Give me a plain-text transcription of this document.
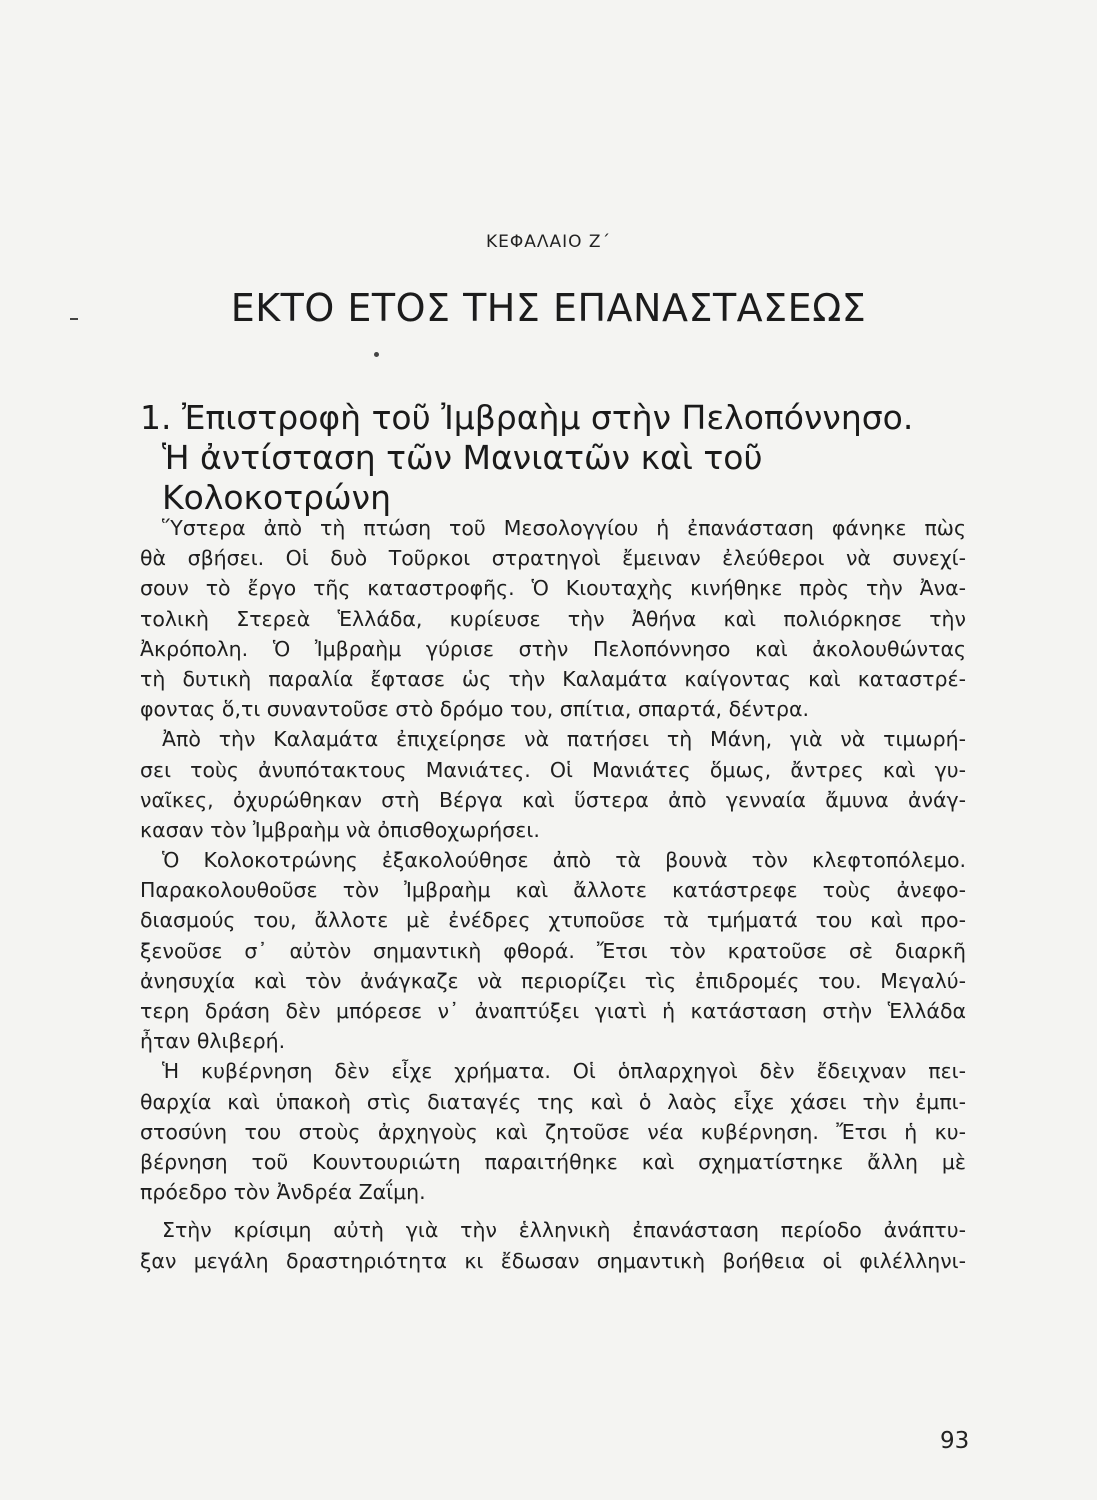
ΚΕΦΑΛΑΙΟ Ζ΄
ΕΚΤΟ ΕΤΟΣ ΤΗΣ ΕΠΑΝΑΣΤΑΣΕΩΣ
1. Ἐπιστροφὴ τοῦ Ἰμβραὴμ στὴν Πελοπόννησο.
Ἡ ἀντίσταση τῶν Μανιατῶν καὶ τοῦ Κολοκοτρώνη
Ὕστερα ἀπὸ τὴ πτώση τοῦ Μεσολογγίου ἡ ἐπανάσταση φάνηκε πὼς
θὰ σβήσει. Οἱ δυὸ Τοῦρκοι στρατηγοὶ ἔμειναν ἐλεύθεροι νὰ συνεχί-
σουν τὸ ἔργο τῆς καταστροφῆς. Ὁ Κιουταχὴς κινήθηκε πρὸς τὴν Ἀνα-
τολικὴ Στερεὰ Ἑλλάδα, κυρίευσε τὴν Ἀθήνα καὶ πολιόρκησε τὴν
Ἀκρόπολη. Ὁ Ἰμβραὴμ γύρισε στὴν Πελοπόννησο καὶ ἀκολουθώντας
τὴ δυτικὴ παραλία ἔφτασε ὡς τὴν Καλαμάτα καίγοντας καὶ καταστρέ-
φοντας ὅ,τι συναντοῦσε στὸ δρόμο του, σπίτια, σπαρτά, δέντρα.
Ἀπὸ τὴν Καλαμάτα ἐπιχείρησε νὰ πατήσει τὴ Μάνη, γιὰ νὰ τιμωρή-
σει τοὺς ἀνυπότακτους Μανιάτες. Οἱ Μανιάτες ὅμως, ἄντρες καὶ γυ-
ναῖκες, ὀχυρώθηκαν στὴ Βέργα καὶ ὕστερα ἀπὸ γενναία ἄμυνα ἀνάγ-
κασαν τὸν Ἰμβραὴμ νὰ ὀπισθοχωρήσει.
Ὁ Κολοκοτρώνης ἐξακολούθησε ἀπὸ τὰ βουνὰ τὸν κλεφτοπόλεμο.
Παρακολουθοῦσε τὸν Ἰμβραὴμ καὶ ἄλλοτε κατάστρεφε τοὺς ἀνεφο-
διασμούς του, ἄλλοτε μὲ ἐνέδρες χτυποῦσε τὰ τμήματά του καὶ προ-
ξενοῦσε σ᾽ αὐτὸν σημαντικὴ φθορά. Ἔτσι τὸν κρατοῦσε σὲ διαρκῆ
ἀνησυχία καὶ τὸν ἀνάγκαζε νὰ περιορίζει τὶς ἐπιδρομές του. Μεγαλύ-
τερη δράση δὲν μπόρεσε ν᾽ ἀναπτύξει γιατὶ ἡ κατάσταση στὴν Ἑλλάδα
ἦταν θλιβερή.
Ἡ κυβέρνηση δὲν εἶχε χρήματα. Οἱ ὁπλαρχηγοὶ δὲν ἔδειχναν πει-
θαρχία καὶ ὑπακοὴ στὶς διαταγές της καὶ ὁ λαὸς εἶχε χάσει τὴν ἐμπι-
στοσύνη του στοὺς ἀρχηγοὺς καὶ ζητοῦσε νέα κυβέρνηση. Ἔτσι ἡ κυ-
βέρνηση τοῦ Κουντουριώτη παραιτήθηκε καὶ σχηματίστηκε ἄλλη μὲ
πρόεδρο τὸν Ἀνδρέα Ζαΐμη.
Στὴν κρίσιμη αὐτὴ γιὰ τὴν ἑλληνικὴ ἐπανάσταση περίοδο ἀνάπτυ-
ξαν μεγάλη δραστηριότητα κι ἔδωσαν σημαντικὴ βοήθεια οἱ φιλέλληνι-
93
